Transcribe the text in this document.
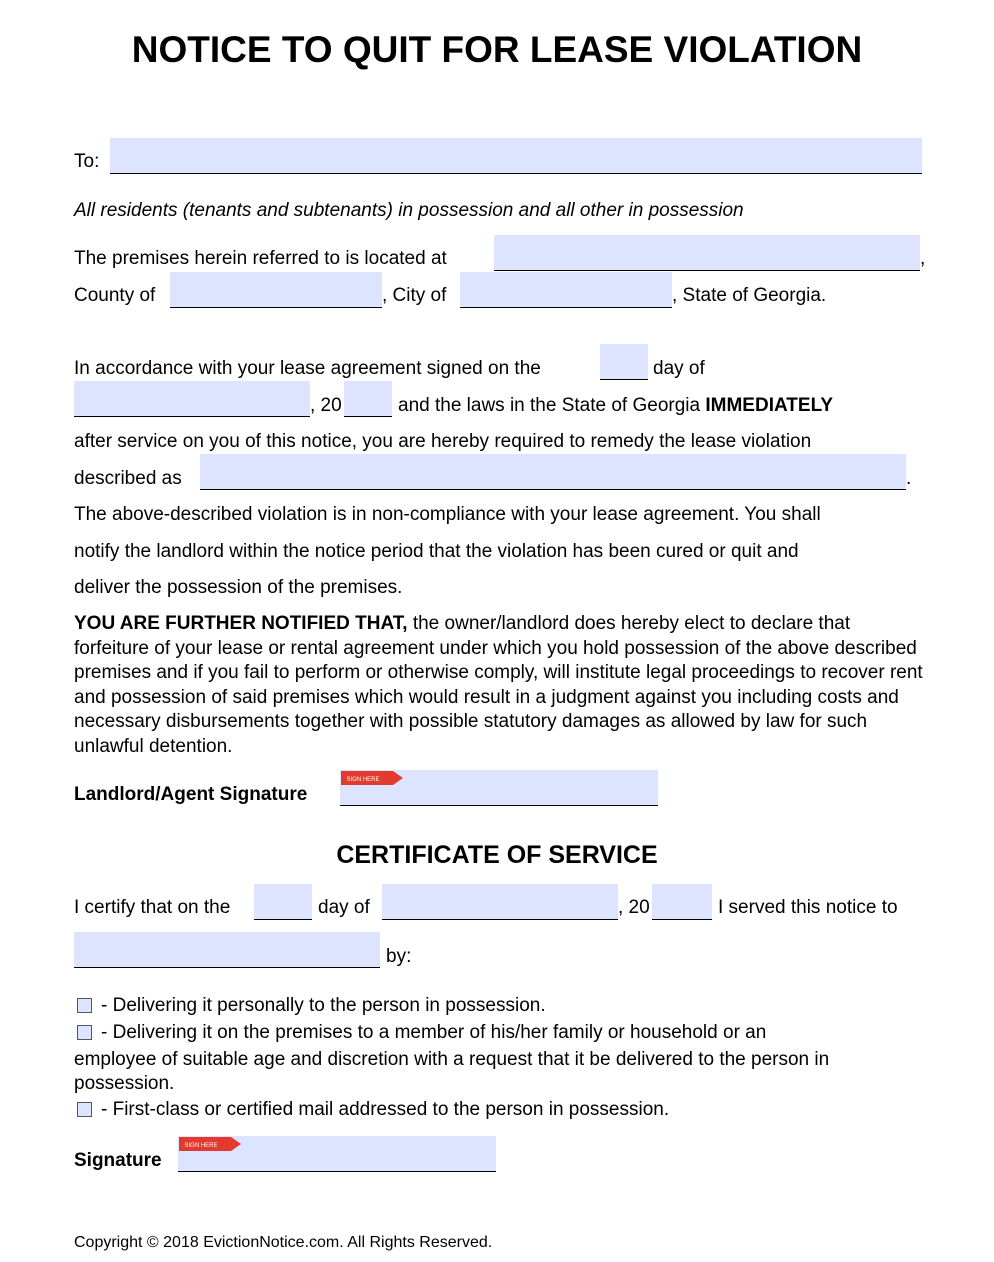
NOTICE TO QUIT FOR LEASE VIOLATION
To:
All residents (tenants and subtenants) in possession and all other in possession
The premises herein referred to is located at	,
County of	, City of	, State of Georgia.
In accordance with your lease agreement signed on the	day of
, 20	and the laws in the State of Georgia IMMEDIATELY
after service on you of this notice, you are hereby required to remedy the lease violation
described as	.
The above-described violation is in non-compliance with your lease agreement. You shall
notify the landlord within the notice period that the violation has been cured or quit and
deliver the possession of the premises.
YOU ARE FURTHER NOTIFIED THAT, the owner/landlord does hereby elect to declare that forfeiture of your lease or rental agreement under which you hold possession of the above described premises and if you fail to perform or otherwise comply, will institute legal proceedings to recover rent and possession of said premises which would result in a judgment against you including costs and necessary disbursements together with possible statutory damages as allowed by law for such unlawful detention.
Landlord/Agent Signature
SIGN HERE
CERTIFICATE OF SERVICE
I certify that on the	day of	, 20	I served this notice to
by:
- Delivering it personally to the person in possession.
- Delivering it on the premises to a member of his/her family or household or an
employee of suitable age and discretion with a request that it be delivered to the person in
possession.
- First-class or certified mail addressed to the person in possession.
Signature
SIGN HERE
Copyright © 2018 EvictionNotice.com. All Rights Reserved.
